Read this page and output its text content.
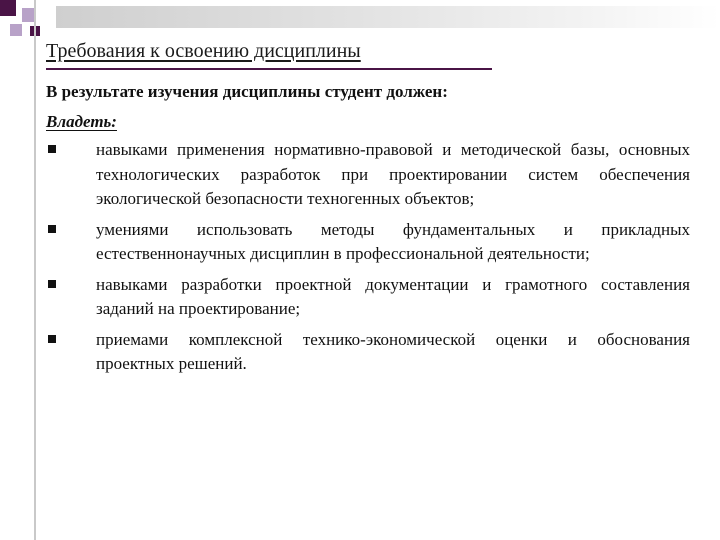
Требования к освоению дисциплины
В результате изучения дисциплины студент должен:
Владеть:
навыками применения нормативно-правовой и методической базы, основных технологических разработок при проектировании систем обеспечения экологической безопасности техногенных объектов;
умениями использовать методы фундаментальных и прикладных естественнонаучных дисциплин в профессиональной деятельности;
навыками разработки проектной документации и грамотного составления заданий на проектирование;
приемами комплексной технико-экономической оценки и обоснования проектных решений.
